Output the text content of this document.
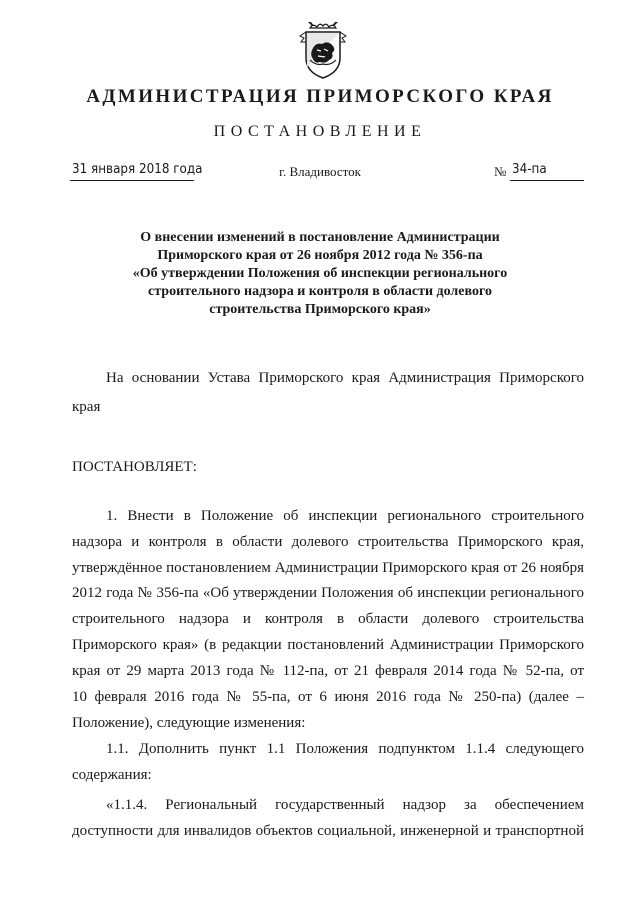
АДМИНИСТРАЦИЯ ПРИМОРСКОГО КРАЯ
ПОСТАНОВЛЕНИЕ
31 января 2018 года	г. Владивосток	№ 34-па
О внесении изменений в постановление Администрации
Приморского края от 26 ноября 2012 года № 356-па
«Об утверждении Положения об инспекции регионального
строительного надзора и контроля в области долевого
строительства Приморского края»
На основании Устава Приморского края Администрация Приморского
края
ПОСТАНОВЛЯЕТ:
1. Внести в Положение об инспекции регионального строительного
надзора и контроля в области долевого строительства Приморского края,
утверждённое постановлением Администрации Приморского края от 26 ноября
2012 года № 356-па «Об утверждении Положения об инспекции регионального
строительного надзора и контроля в области долевого строительства
Приморского края» (в редакции постановлений Администрации Приморского
края от 29 марта 2013 года № 112-па, от 21 февраля 2014 года № 52-па, от
10 февраля 2016 года № 55-па, от 6 июня 2016 года № 250-па) (далее –
Положение), следующие изменения:
1.1. Дополнить пункт 1.1 Положения подпунктом 1.1.4 следующего
содержания:
«1.1.4. Региональный государственный надзор за обеспечением
доступности для инвалидов объектов социальной, инженерной и транспортной
